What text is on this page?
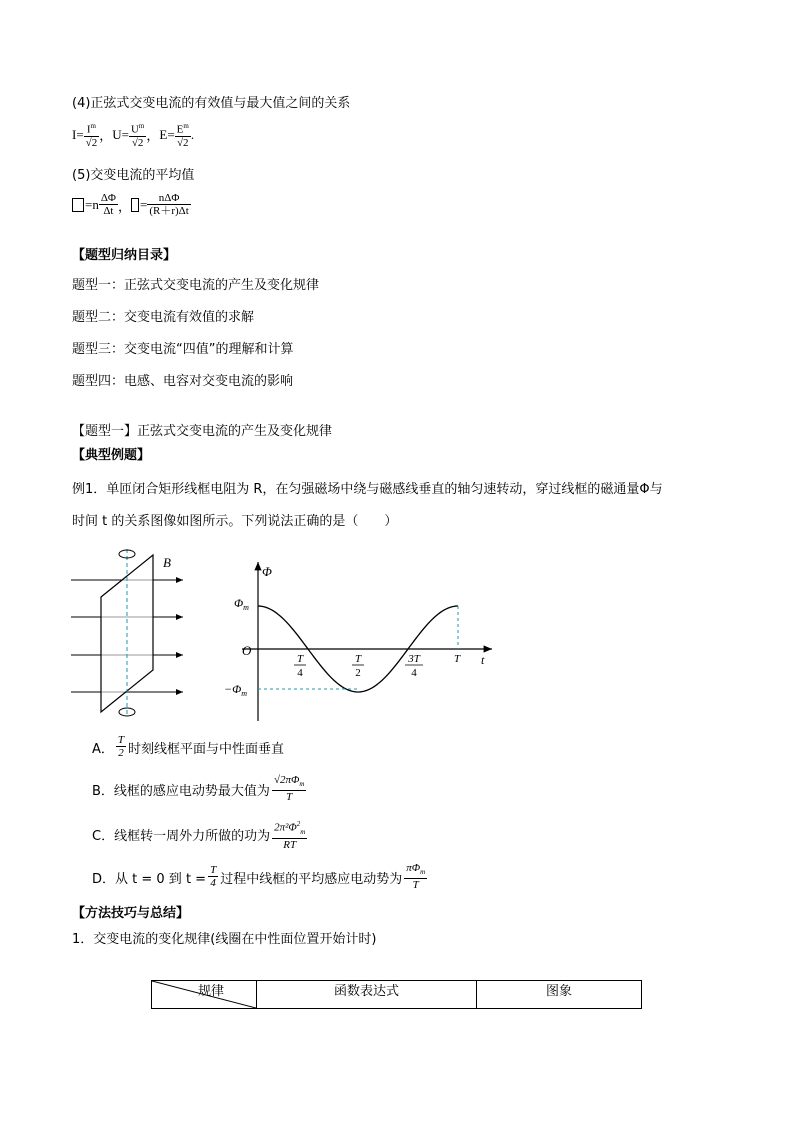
(4)正弦式交变电流的有效值与最大值之间的关系
$I= \frac{I^m}{√2}$ ， $U= \frac{U^m}{√2}$ ， $E= \frac{E^m}{√2}$ .
(5)交变电流的平均值
$=n \frac{\Delta\Phi}{\Delta t}$ ， = $\frac{\text{nΔΦ}}{(R+r)\Delta t}$
【题型归纳目录】
题型一：正弦式交变电流的产生及变化规律
题型二：交变电流有效值的求解
题型三：交变电流“四值”的理解和计算
题型四：电感、电容对交变电流的影响
【题型一】正弦式交变电流的产生及变化规律
【典型例题】
例1．单匝闭合矩形线框电阻为 R，在匀强磁场中绕与磁感线垂直的轴匀速转动，穿过线框的磁通量Φ与
时间 t 的关系图像如图所示。下列说法正确的是（　　）
B
Φ
t
O
$\Phi_m$
$-\Phi_m$
T
4
T
2
3T
4
T
A． $\frac{T}{2}$ 时刻线框平面与中性面垂直
B． 线框的感应电动势最大值为 $\frac{√2\pi\Phi_m}{T}$
C． 线框转一周外力所做的功为 $\frac{2\pi^2\Phi^2_m}{RT}$
D． 从 t = 0 到 $t = \frac{T}{4}$ 过程中线框的平均感应电动势为 $\frac{\pi\Phi_m}{T}$
【方法技巧与总结】
1．交变电流的变化规律(线圈在中性面位置开始计时)
规律	函数表达式	图象
